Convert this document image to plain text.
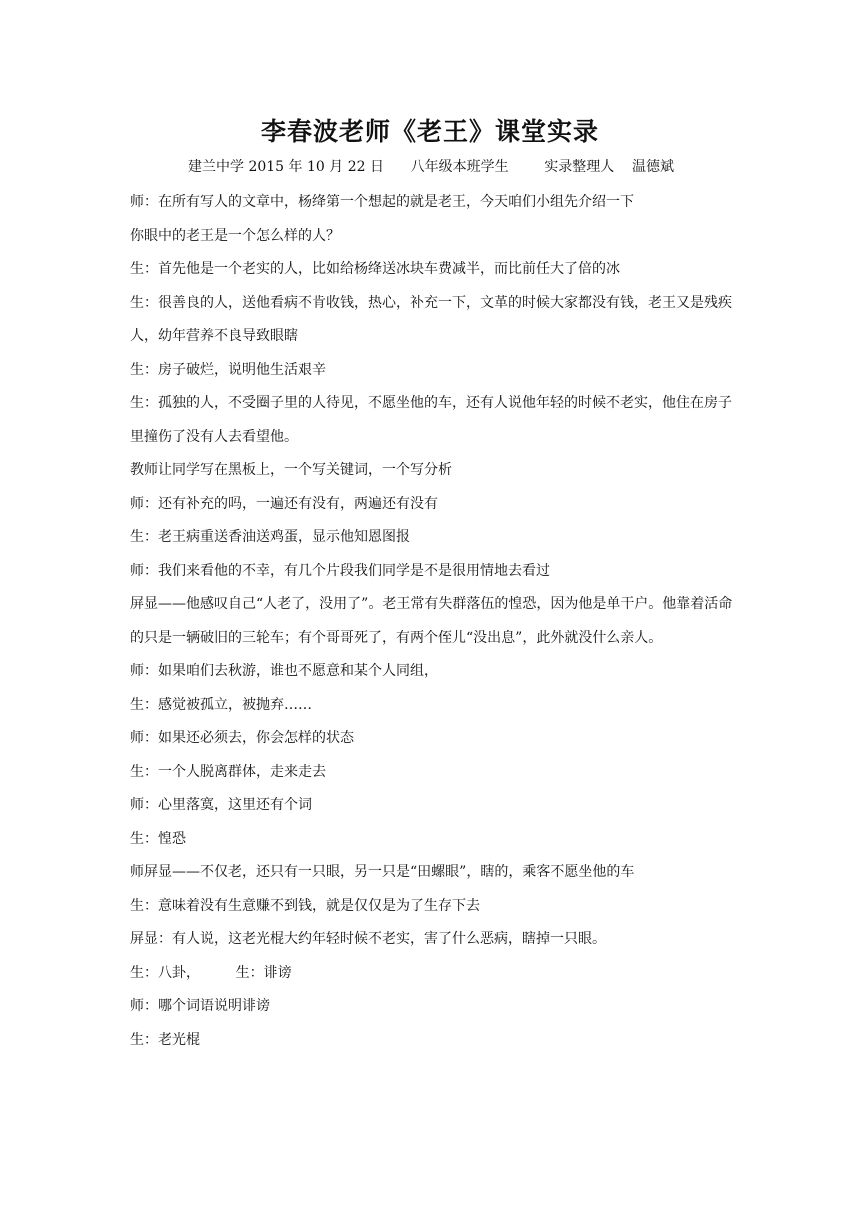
李春波老师《老王》课堂实录
建兰中学 2015 年 10 月 22 日      八年级本班学生        实录整理人    温德斌

师：在所有写人的文章中，杨绛第一个想起的就是老王，今天咱们小组先介绍一下

你眼中的老王是一个怎么样的人？

生：首先他是一个老实的人，比如给杨绛送冰块车费减半，而比前任大了倍的冰

生：很善良的人，送他看病不肯收钱，热心，补充一下，文革的时候大家都没有钱，老王又是残疾人，幼年营养不良导致眼瞎

生：房子破烂，说明他生活艰辛

生：孤独的人，不受圈子里的人待见，不愿坐他的车，还有人说他年轻的时候不老实，他住在房子里撞伤了没有人去看望他。

教师让同学写在黑板上，一个写关键词，一个写分析

师：还有补充的吗，一遍还有没有，两遍还有没有

生：老王病重送香油送鸡蛋，显示他知恩图报

师：我们来看他的不幸，有几个片段我们同学是不是很用情地去看过

屏显——他感叹自己“人老了，没用了”。老王常有失群落伍的惶恐，因为他是单干户。他靠着活命的只是一辆破旧的三轮车；有个哥哥死了，有两个侄儿“没出息”，此外就没什么亲人。

师：如果咱们去秋游，谁也不愿意和某个人同组，

生：感觉被孤立，被抛弃……

师：如果还必须去，你会怎样的状态

生：一个人脱离群体，走来走去

师：心里落寞，这里还有个词

生：惶恐

师屏显——不仅老，还只有一只眼，另一只是“田螺眼”，瞎的，乘客不愿坐他的车

生：意味着没有生意赚不到钱，就是仅仅是为了生存下去

屏显：有人说，这老光棍大约年轻时候不老实，害了什么恶病，瞎掉一只眼。

生：八卦，        生：诽谤

师：哪个词语说明诽谤

生：老光棍
